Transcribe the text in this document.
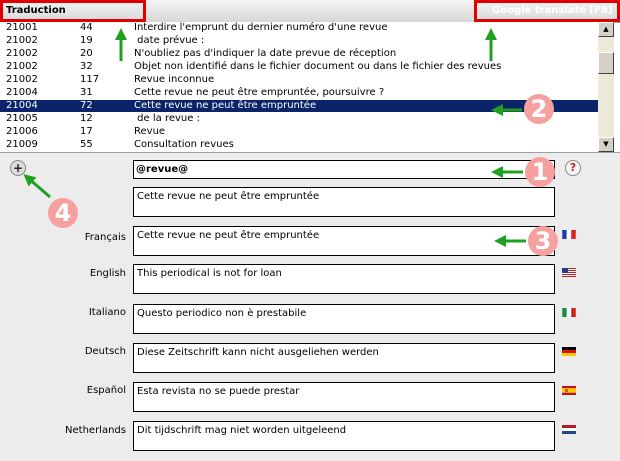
Traduction	Google translate [F8]
21001	44	Interdire l'emprunt du dernier numéro d'une revue
21002	19	date prévue :
21002	20	N'oubliez pas d'indiquer la date prevue de réception
21002	32	Objet non identifié dans le fichier document ou dans le fichier des revues
21002	117	Revue inconnue
21004	31	Cette revue ne peut être empruntée, poursuivre ?
21004	72	Cette revue ne peut être empruntée
21005	12	de la revue :
21006	17	Revue
21009	55	Consultation revues
▲
▼
+	@revue@	?
Cette revue ne peut être empruntée
Français	Cette revue ne peut être empruntée
English	This periodical is not for loan
Italiano	Questo periodico non è prestabile
Deutsch	Diese Zeitschrift kann nicht ausgeliehen werden
Español	Esta revista no se puede prestar
Netherlands	Dit tijdschrift mag niet worden uitgeleend
2
1
3
4
